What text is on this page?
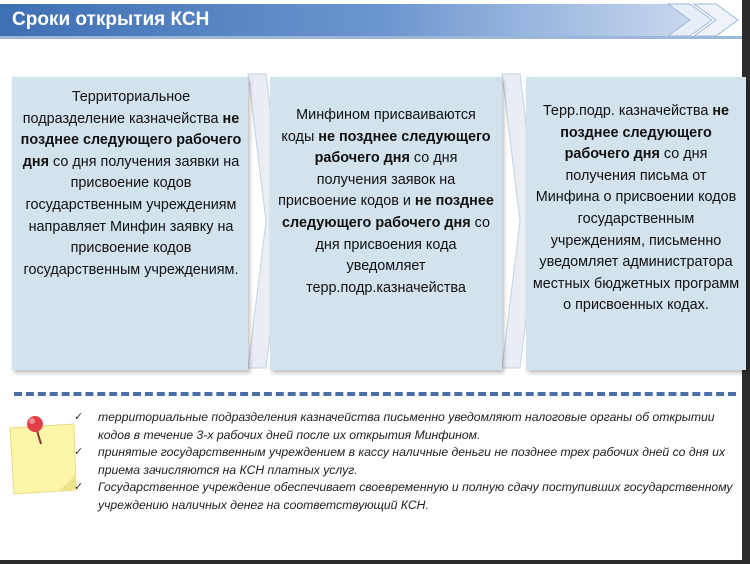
Сроки открытия КСН
Территориальное подразделение казначейства не позднее следующего рабочего дня со дня получения заявки на присвоение кодов государственным учреждениям направляет Минфин заявку на присвоение кодов государственным учреждениям.
Минфином присваиваются коды не позднее следующего рабочего дня со дня получения заявок на присвоение кодов и не позднее следующего рабочего дня со дня присвоения кода уведомляет терр.подр.казначейства
Терр.подр. казначейства не позднее следующего рабочего дня со дня получения письма от Минфина о присвоении кодов государственным учреждениям, письменно уведомляет администратора местных бюджетных программ о присвоенных кодах.
✓ территориальные подразделения казначейства письменно уведомляют налоговые органы об открытии кодов в течение 3-х рабочих дней после их открытия Минфином.
✓ принятые государственным учреждением в кассу наличные деньги не позднее трех рабочих дней со дня их приема зачисляются на КСН платных услуг.
✓ Государственное учреждение обеспечивает своевременную и полную сдачу поступивших государственному учреждению наличных денег на соответствующий КСН.
